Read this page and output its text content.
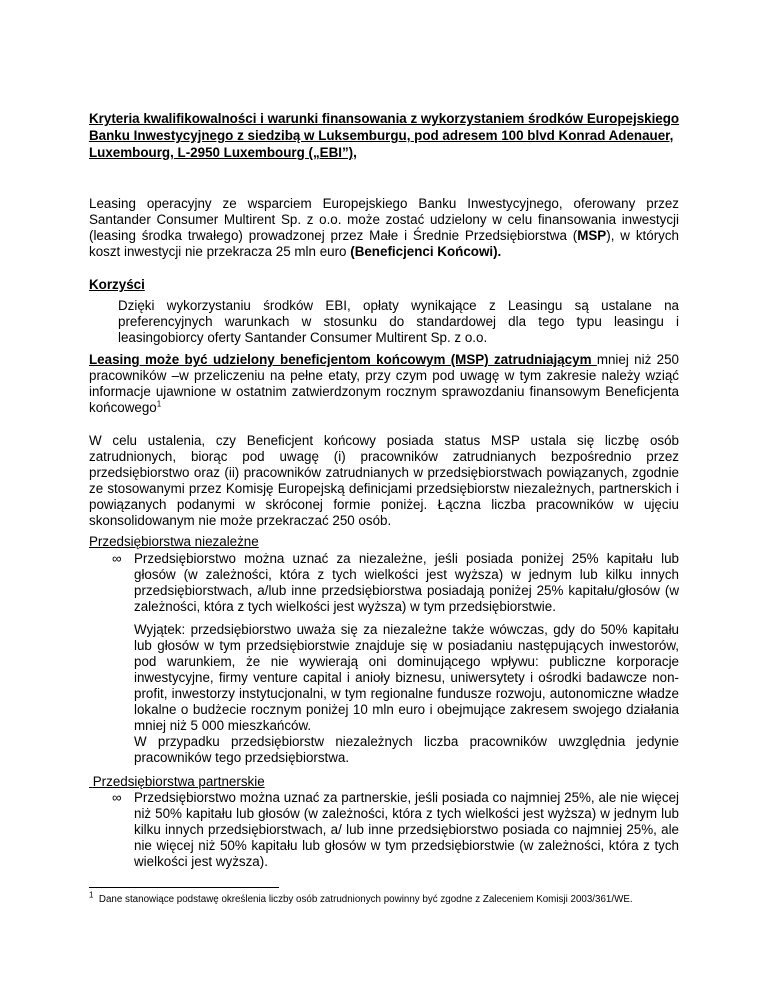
Kryteria kwalifikowalności i warunki finansowania z wykorzystaniem środków Europejskiego
Banku Inwestycyjnego z siedzibą w Luksemburgu, pod adresem 100 blvd Konrad Adenauer,
Luxembourg, L-2950 Luxembourg („EBI”),

Leasing operacyjny ze wsparciem Europejskiego Banku Inwestycyjnego, oferowany przez Santander Consumer Multirent Sp. z o.o. może zostać udzielony w celu finansowania inwestycji (leasing środka trwałego) prowadzonej przez Małe i Średnie Przedsiębiorstwa (MSP), w których koszt inwestycji nie przekracza 25 mln euro (Beneficjenci Końcowi).

Korzyści

Dzięki wykorzystaniu środków EBI, opłaty wynikające z Leasingu są ustalane na preferencyjnych warunkach w stosunku do standardowej dla tego typu leasingu i leasingobiorcy oferty Santander Consumer Multirent Sp. z o.o.

Leasing może być udzielony beneficjentom końcowym (MSP) zatrudniającym mniej niż 250 pracowników –w przeliczeniu na pełne etaty, przy czym pod uwagę w tym zakresie należy wziąć informacje ujawnione w ostatnim zatwierdzonym rocznym sprawozdaniu finansowym Beneficjenta końcowego$^1$

W celu ustalenia, czy Beneficjent końcowy posiada status MSP ustala się liczbę osób zatrudnionych, biorąc pod uwagę (i) pracowników zatrudnianych bezpośrednio przez przedsiębiorstwo oraz (ii) pracowników zatrudnianych w przedsiębiorstwach powiązanych, zgodnie ze stosowanymi przez Komisję Europejską definicjami przedsiębiorstw niezależnych, partnerskich i powiązanych podanymi w skróconej formie poniżej. Łączna liczba pracowników w ujęciu skonsolidowanym nie może przekraczać 250 osób.

Przedsiębiorstwa niezależne
∞ Przedsiębiorstwo można uznać za niezależne, jeśli posiada poniżej 25% kapitału lub głosów (w zależności, która z tych wielkości jest wyższa) w jednym lub kilku innych przedsiębiorstwach, a/lub inne przedsiębiorstwa posiadają poniżej 25% kapitału/głosów (w zależności, która z tych wielkości jest wyższa) w tym przedsiębiorstwie.

Wyjątek: przedsiębiorstwo uważa się za niezależne także wówczas, gdy do 50% kapitału lub głosów w tym przedsiębiorstwie znajduje się w posiadaniu następujących inwestorów, pod warunkiem, że nie wywierają oni dominującego wpływu: publiczne korporacje inwestycyjne, firmy venture capital i anioły biznesu, uniwersytety i ośrodki badawcze non-profit, inwestorzy instytucjonalni, w tym regionalne fundusze rozwoju, autonomiczne władze lokalne o budżecie rocznym poniżej 10 mln euro i obejmujące zakresem swojego działania mniej niż 5 000 mieszkańców.

W przypadku przedsiębiorstw niezależnych liczba pracowników uwzględnia jedynie pracowników tego przedsiębiorstwa.

Przedsiębiorstwa partnerskie
∞ Przedsiębiorstwo można uznać za partnerskie, jeśli posiada co najmniej 25%, ale nie więcej niż 50% kapitału lub głosów (w zależności, która z tych wielkości jest wyższa) w jednym lub kilku innych przedsiębiorstwach, a/ lub inne przedsiębiorstwo posiada co najmniej 25%, ale nie więcej niż 50% kapitału lub głosów w tym przedsiębiorstwie (w zależności, która z tych wielkości jest wyższa).

$^1$ Dane stanowiące podstawę określenia liczby osób zatrudnionych powinny być zgodne z Zaleceniem Komisji 2003/361/WE.
